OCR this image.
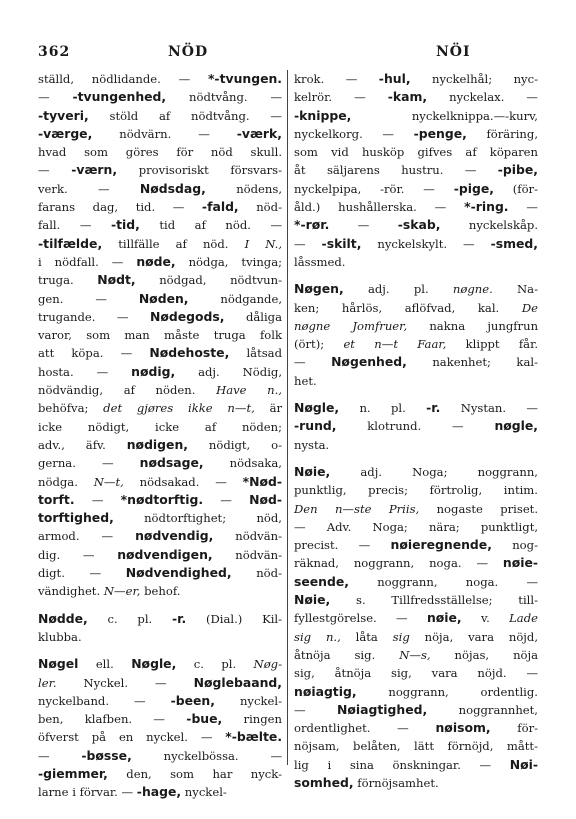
362	NÖD	NÖI
ställd, nödlidande. — *-tvungen.
— -tvungenhed, nödtvång. —
-tyveri, stöld af nödtvång. —
-værge, nödvärn. — -værk,
hvad som göres för nöd skull.
— -værn, provisoriskt försvars-
verk.	— Nødsdag,	nödens,
farans dag, tid. — -fald, nöd-
fall. — -tid, tid af nöd. —
-tilfælde, tillfälle af nöd. I N.,
i nödfall. — nøde, nödga, tvinga;
truga. Nødt, nödgad, nödtvun-
gen.	—	Nøden,	nödgande,
trugande. — Nødegods, dåliga
varor, som man måste truga folk
att köpa. — Nødehoste, låtsad
hosta. — nødig, adj. Nödig,
nödvändig, af nöden. Have n.,
behöfva; det gjøres ikke n—t, är
icke nödigt, icke af nöden;
adv., äfv. nødigen, nödigt, o-
gerna. — nødsage, nödsaka,
nödga. N—t, nödsakad. — *Nød-
torft. — *nødtorftig. — Nød-
torftighed,	nödtorftighet;	nöd,
armod. — nødvendig, nödvän-
dig. — nødvendigen, nödvän-
digt. — Nødvendighed, nöd-
vändighet. N—er, behof.
Nødde, c. pl. -r. (Dial.) Kil-
klubba.
Nøgel ell. Nøgle, c. pl. Nøg-
ler. Nyckel. — Nøglebaand,
nyckelband. — -been, nyckel-
ben, klafben. — -bue, ringen
öfverst på en nyckel. — *-bælte.
—	-bøsse,	nyckelbössa.	—
-giemmer, den, som har nyck-
larne i förvar. — -hage, nyckel-
krok. — -hul, nyckelhål; nyc-
kelrör. — -kam, nyckelax. —
-knippe,	nyckelknippa.—-kurv,
nyckelkorg. — -penge, föräring,
som vid husköp gifves af köparen
åt säljarens hustru. — -pibe,
nyckelpipa, -rör. — -pige, (för-
åld.) hushållerska. — *-ring. —
*-rør. — -skab, nyckelskåp.
— -skilt, nyckelskylt. — -smed,
låssmed.
Nøgen, adj. pl. nøgne. Na-
ken; hårlös, aflöfvad, kal. De
nøgne Jomfruer, nakna jungfrun
(ört); et n—t Faar, klippt får.
— Nøgenhed, nakenhet; kal-
het.
Nøgle, n. pl. -r. Nystan. —
-rund,	klotrund.	— nøgle,
nysta.
Nøie,	adj.	Noga;	noggrann,
punktlig, precis; förtrolig, intim.
Den n—ste Priis, nogaste priset.
— Adv. Noga; nära; punktligt,
precist. — nøieregnende, nog-
räknad, noggrann, noga. — nøie-
seende, noggrann, noga. —
Nøie, s. Tillfredsställelse; till-
fyllestgörelse. — nøie, v. Lade
sig n., låta sig nöja, vara nöjd,
åtnöja sig. N—s, nöjas, nöja
sig, åtnöja sig, vara nöjd. —
nøiagtig,	noggrann,	ordentlig.
—	Nøiagtighed,	noggrannhet,
ordentlighet. — nøisom, för-
nöjsam, belåten, lätt förnöjd, mått-
lig i sina önskningar. — Nøi-
somhed, förnöjsamhet.
